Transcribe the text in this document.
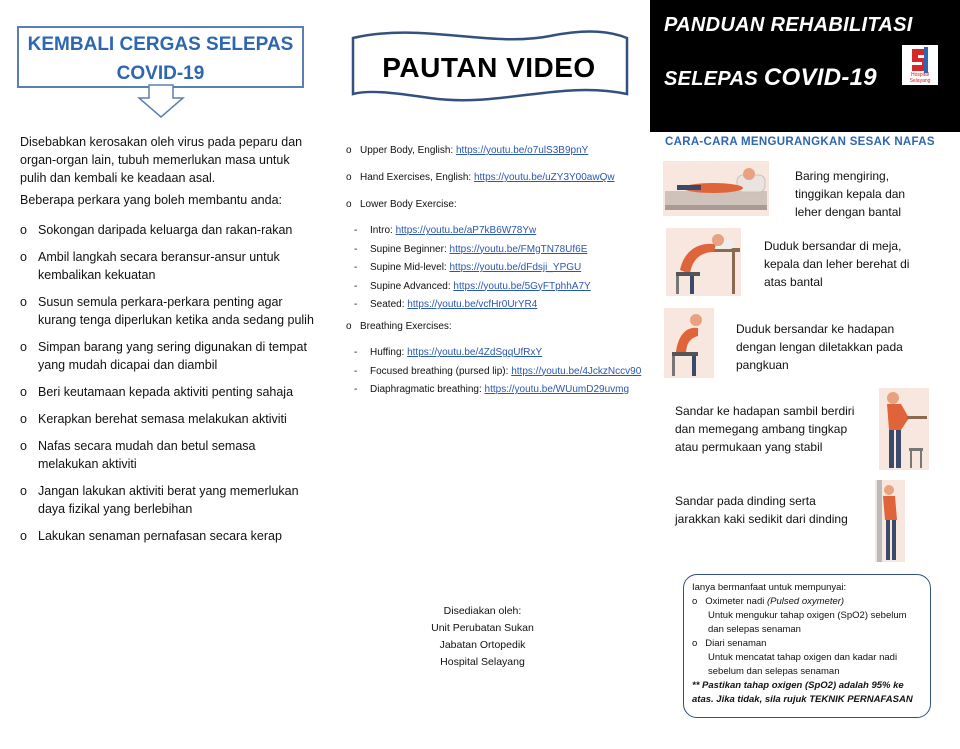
KEMBALI CERGAS SELEPAS
COVID-19

Disebabkan kerosakan oleh virus pada peparu dan organ-organ lain, tubuh memerlukan masa untuk pulih dan kembali ke keadaan asal.

Beberapa perkara yang boleh membantu anda:

o Sokongan daripada keluarga dan rakan-rakan
o Ambil langkah secara beransur-ansur untuk kembalikan kekuatan
o Susun semula perkara-perkara penting agar kurang tenga diperlukan ketika anda sedang pulih
o Simpan barang yang sering digunakan di tempat yang mudah dicapai dan diambil
o Beri keutamaan kepada aktiviti penting sahaja
o Kerapkan berehat semasa melakukan aktiviti
o Nafas secara mudah dan betul semasa melakukan aktiviti
o Jangan lakukan aktiviti berat yang memerlukan daya fizikal yang berlebihan
o Lakukan senaman pernafasan secara kerap
PAUTAN VIDEO
o Upper Body, English: https://youtu.be/o7ulS3B9pnY
o Hand Exercises, English: https://youtu.be/uZY3Y00awQw
o Lower Body Exercise:
- Intro: https://youtu.be/aP7kB6W78Yw
- Supine Beginner: https://youtu.be/FMgTN78Uf6E
- Supine Mid-level: https://youtu.be/dFdsji_YPGU
- Supine Advanced: https://youtu.be/5GyFTphhA7Y
- Seated: https://youtu.be/vcfHr0UrYR4
o Breathing Exercises:
- Huffing: https://youtu.be/4ZdSgqUfRxY
- Focused breathing (pursed lip): https://youtu.be/4JckzNccv90
- Diaphragmatic breathing: https://youtu.be/WUumD29uvmg
Disediakan oleh:
Unit Perubatan Sukan
Jabatan Ortopedik
Hospital Selayang
PANDUAN REHABILITASI
SELEPAS COVID-19	Hospital Selayang
CARA-CARA MENGURANGKAN SESAK NAFAS
Baring mengiring,
tinggikan kepala dan
leher dengan bantal
Duduk bersandar di meja,
kepala dan leher berehat di
atas bantal
Duduk bersandar ke hadapan
dengan lengan diletakkan pada
pangkuan
Sandar ke hadapan sambil berdiri
dan memegang ambang tingkap
atau permukaan yang stabil
Sandar pada dinding serta
jarakkan kaki sedikit dari dinding
Ianya bermanfaat untuk mempunyai:
o Oximeter nadi (Pulsed oxymeter)
Untuk mengukur tahap oxigen (SpO2) sebelum
dan selepas senaman
o Diari senaman
Untuk mencatat tahap oxigen dan kadar nadi
sebelum dan selepas senaman
** Pastikan tahap oxigen (SpO2) adalah 95% ke
atas. Jika tidak, sila rujuk TEKNIK PERNAFASAN
